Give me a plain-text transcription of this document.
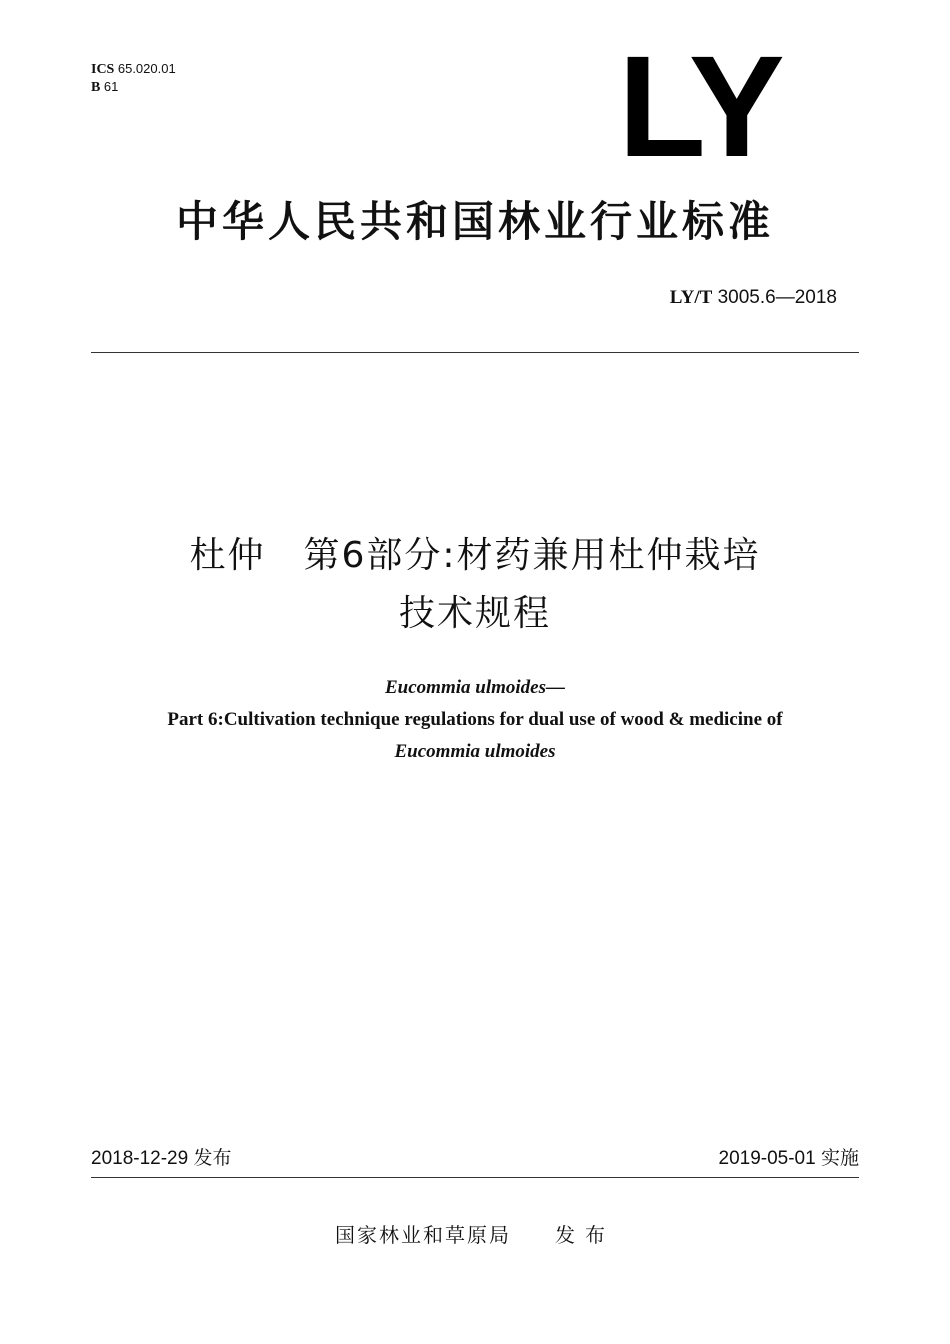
ICS 65.020.01
B 61	LY
中华人民共和国林业行业标准
LY/T 3005.6—2018
杜仲　第6部分:材药兼用杜仲栽培
技术规程
Eucommia ulmoides—
Part 6:Cultivation technique regulations for dual use of wood & medicine of
Eucommia ulmoides
2018-12-29 发布	2019-05-01 实施
国家林业和草原局 发布
